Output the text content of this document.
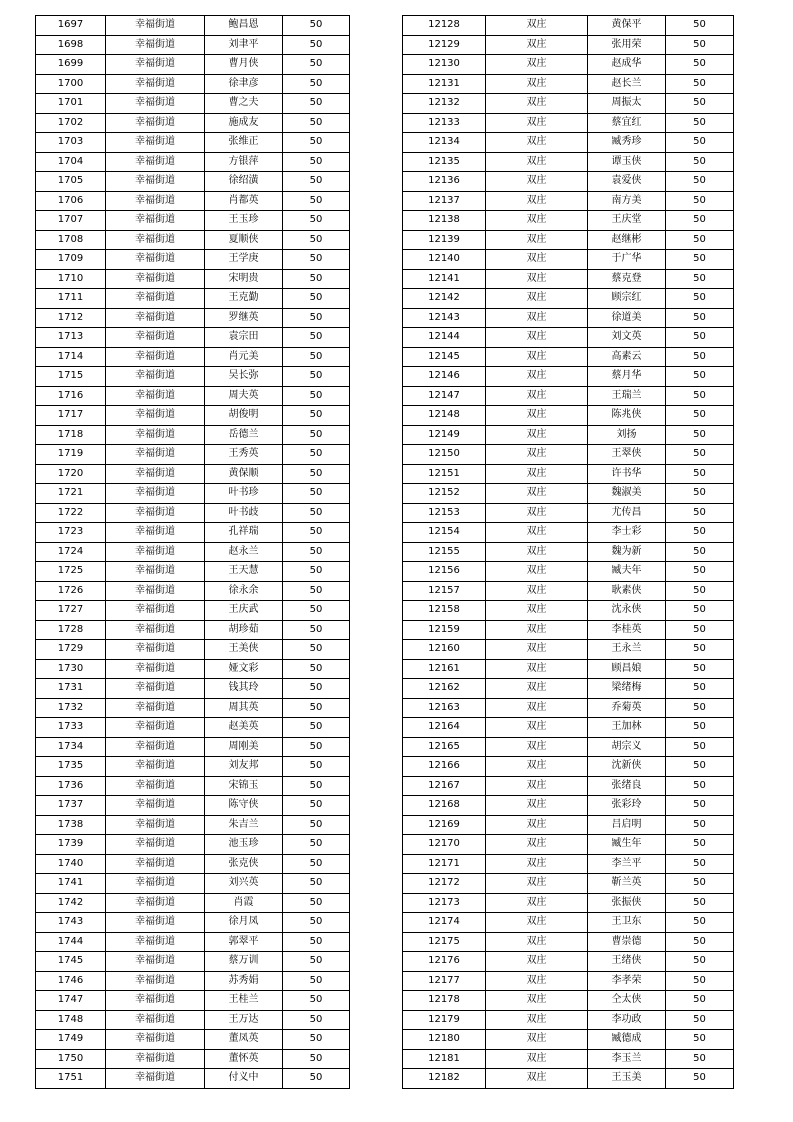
1697	幸福街道	鲍昌恩	50
1698	幸福街道	刘聿平	50
1699	幸福街道	曹月侠	50
1700	幸福街道	徐聿彦	50
1701	幸福街道	曹之夫	50
1702	幸福街道	施成友	50
1703	幸福街道	张维正	50
1704	幸福街道	方银萍	50
1705	幸福街道	徐绍潢	50
1706	幸福街道	肖都英	50
1707	幸福街道	王玉珍	50
1708	幸福街道	夏顺侠	50
1709	幸福街道	王学庚	50
1710	幸福街道	宋明贵	50
1711	幸福街道	王克勤	50
1712	幸福街道	罗继英	50
1713	幸福街道	袁宗田	50
1714	幸福街道	肖元美	50
1715	幸福街道	吴长弥	50
1716	幸福街道	周夫英	50
1717	幸福街道	胡俊明	50
1718	幸福街道	岳德兰	50
1719	幸福街道	王秀英	50
1720	幸福街道	黄保顺	50
1721	幸福街道	叶书珍	50
1722	幸福街道	叶书歧	50
1723	幸福街道	孔祥瑞	50
1724	幸福街道	赵永兰	50
1725	幸福街道	王天慧	50
1726	幸福街道	徐永余	50
1727	幸福街道	王庆武	50
1728	幸福街道	胡珍茹	50
1729	幸福街道	王美侠	50
1730	幸福街道	娅文彩	50
1731	幸福街道	钱其玲	50
1732	幸福街道	周其英	50
1733	幸福街道	赵美英	50
1734	幸福街道	周刚美	50
1735	幸福街道	刘友邦	50
1736	幸福街道	宋锦玉	50
1737	幸福街道	陈守侠	50
1738	幸福街道	朱吉兰	50
1739	幸福街道	池玉珍	50
1740	幸福街道	张克侠	50
1741	幸福街道	刘兴英	50
1742	幸福街道	肖霞	50
1743	幸福街道	徐月凤	50
1744	幸福街道	郭翠平	50
1745	幸福街道	蔡万训	50
1746	幸福街道	苏秀娟	50
1747	幸福街道	王桂兰	50
1748	幸福街道	王万达	50
1749	幸福街道	董凤英	50
1750	幸福街道	董怀英	50
1751	幸福街道	付义中	50
12128	双庄	黄保平	50
12129	双庄	张用荣	50
12130	双庄	赵成华	50
12131	双庄	赵长兰	50
12132	双庄	周振太	50
12133	双庄	蔡宜红	50
12134	双庄	臧秀珍	50
12135	双庄	谭玉侠	50
12136	双庄	袁爱侠	50
12137	双庄	南方美	50
12138	双庄	王庆堂	50
12139	双庄	赵继彬	50
12140	双庄	于广华	50
12141	双庄	蔡克登	50
12142	双庄	顾宗红	50
12143	双庄	徐道美	50
12144	双庄	刘文英	50
12145	双庄	高素云	50
12146	双庄	蔡月华	50
12147	双庄	王瑞兰	50
12148	双庄	陈兆侠	50
12149	双庄	刘扬	50
12150	双庄	王翠侠	50
12151	双庄	许书华	50
12152	双庄	魏淑美	50
12153	双庄	尤传昌	50
12154	双庄	李士彩	50
12155	双庄	魏为新	50
12156	双庄	臧夫年	50
12157	双庄	耿素侠	50
12158	双庄	沈永侠	50
12159	双庄	李桂英	50
12160	双庄	王永兰	50
12161	双庄	顾昌娘	50
12162	双庄	梁绪梅	50
12163	双庄	乔菊英	50
12164	双庄	王加林	50
12165	双庄	胡宗义	50
12166	双庄	沈新侠	50
12167	双庄	张绪良	50
12168	双庄	张彩玲	50
12169	双庄	吕启明	50
12170	双庄	臧生年	50
12171	双庄	李兰平	50
12172	双庄	靳兰英	50
12173	双庄	张振侠	50
12174	双庄	王卫东	50
12175	双庄	曹崇德	50
12176	双庄	王绪侠	50
12177	双庄	李孝荣	50
12178	双庄	仝太侠	50
12179	双庄	李功政	50
12180	双庄	臧德成	50
12181	双庄	李玉兰	50
12182	双庄	王玉美	50
